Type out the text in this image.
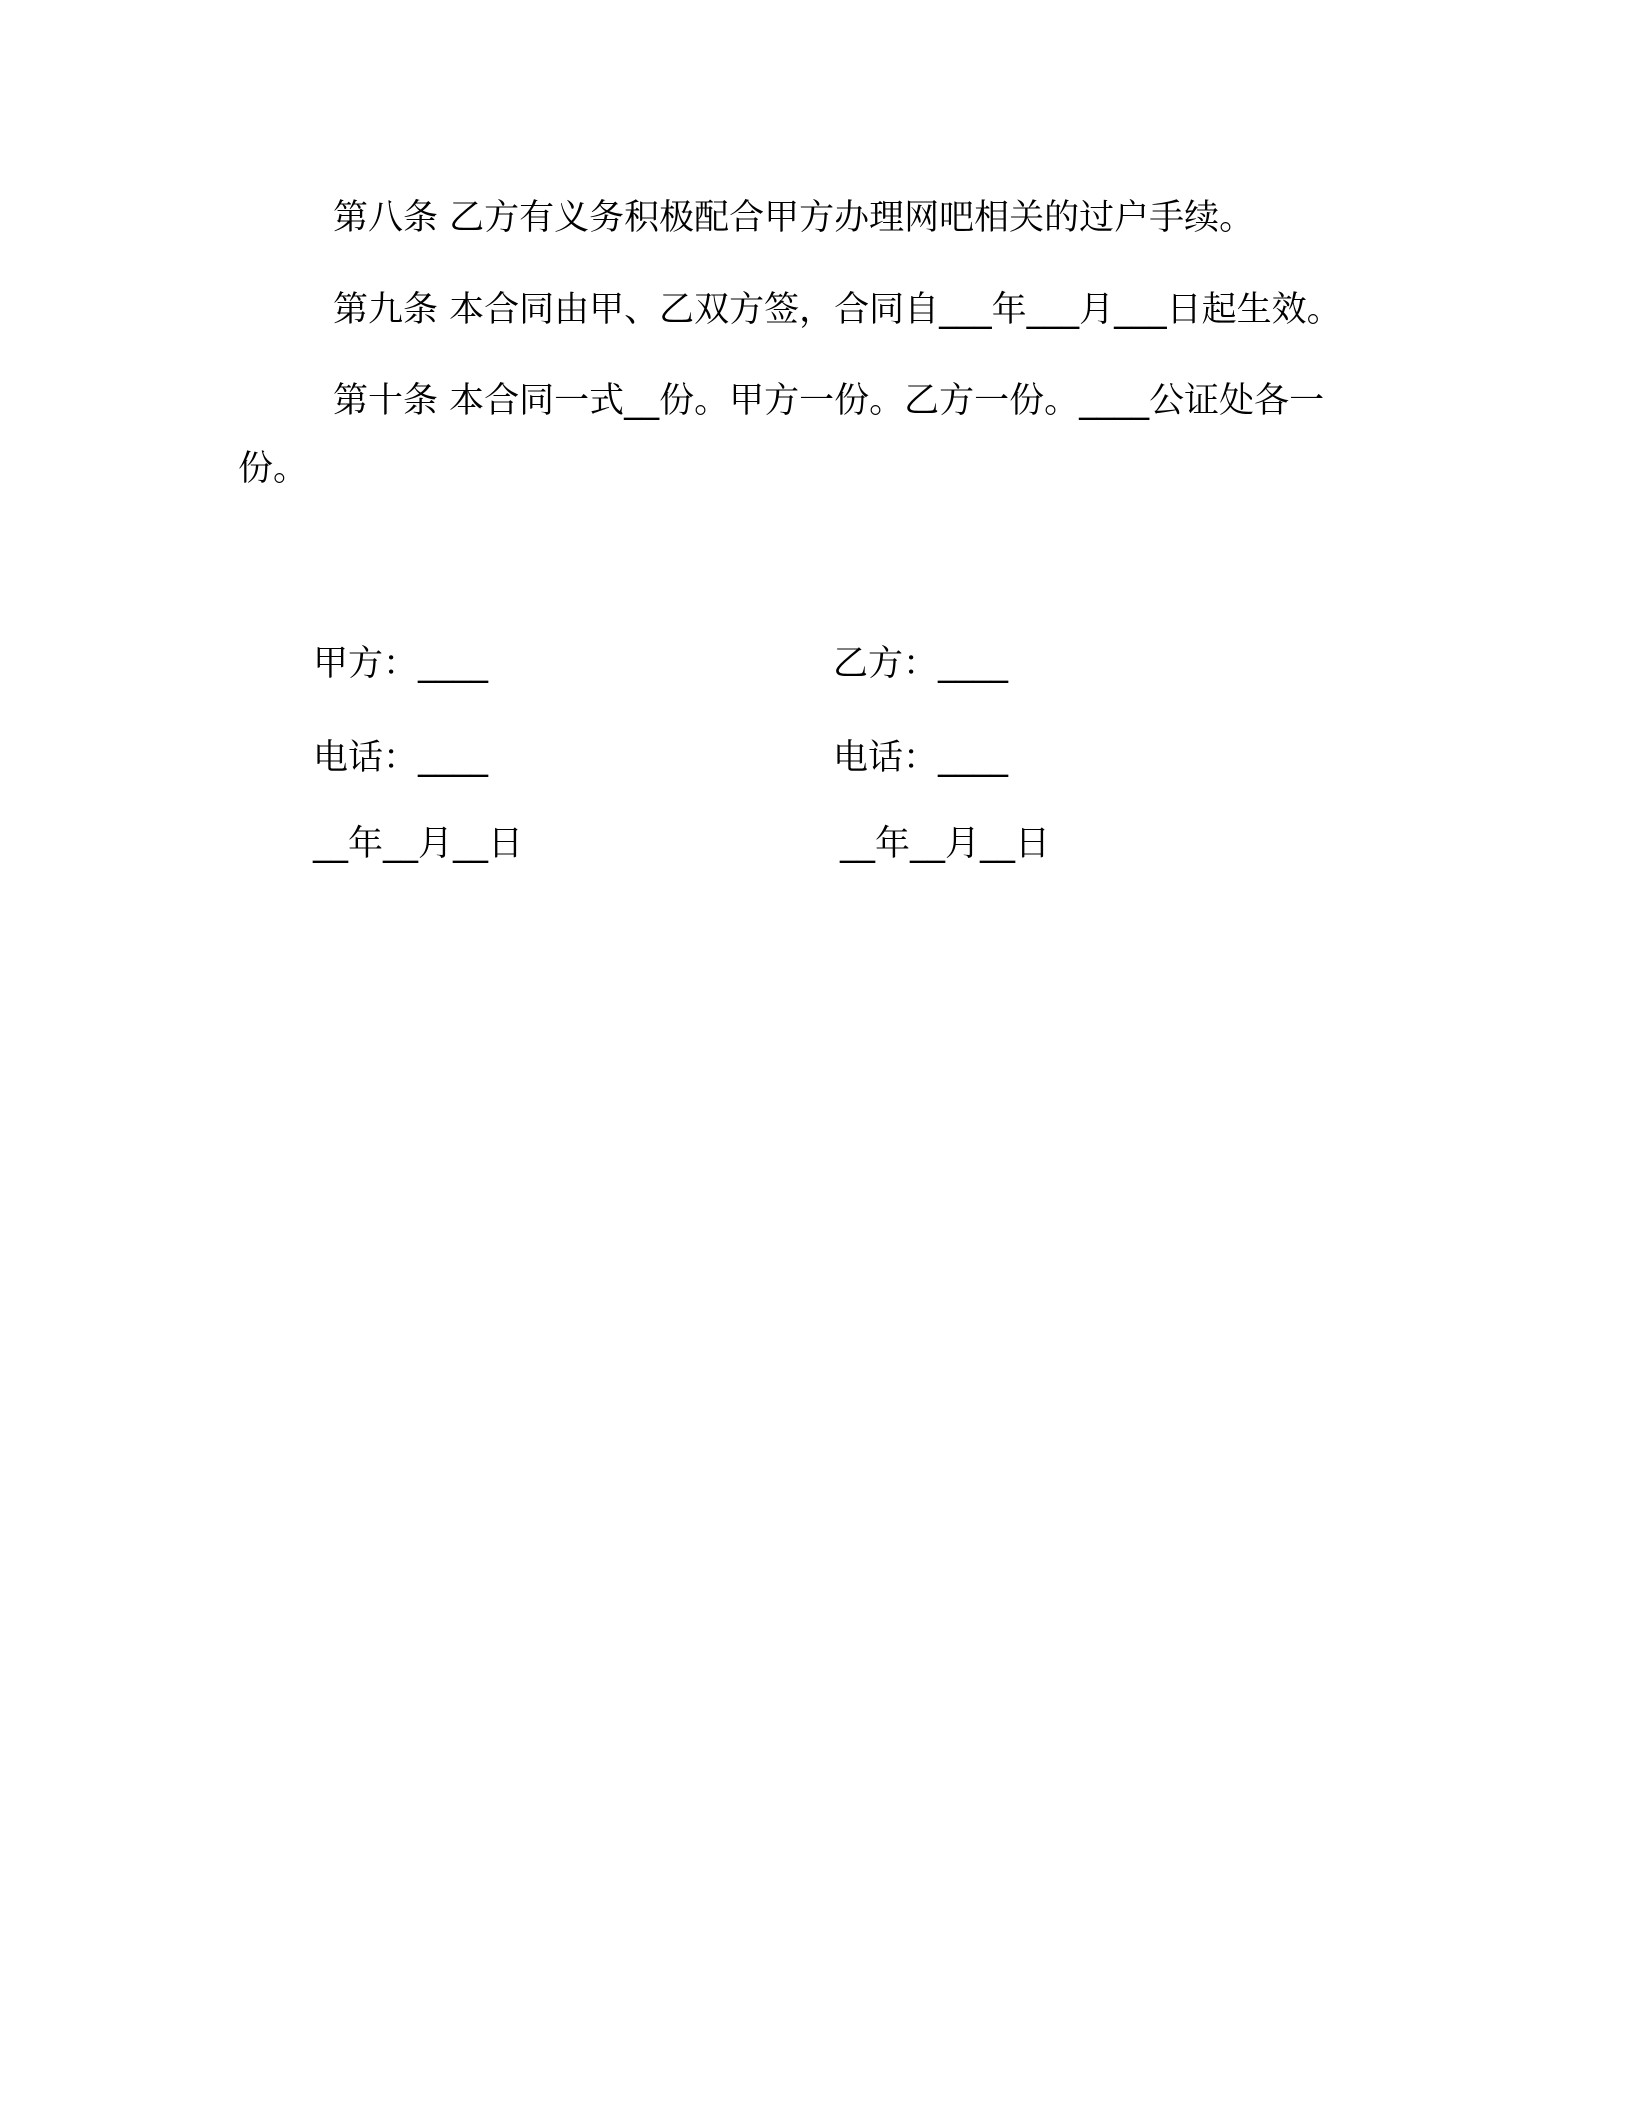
第八条 乙方有义务积极配合甲方办理网吧相关的过户手续。

第九条 本合同由甲、乙双方签，合同自___年___月___日起生效。

第十条 本合同一式__份。甲方一份。乙方一份。____公证处各一份。

甲方：____	乙方：____
电话：____	电话：____
__年__月__日	__年__月__日
